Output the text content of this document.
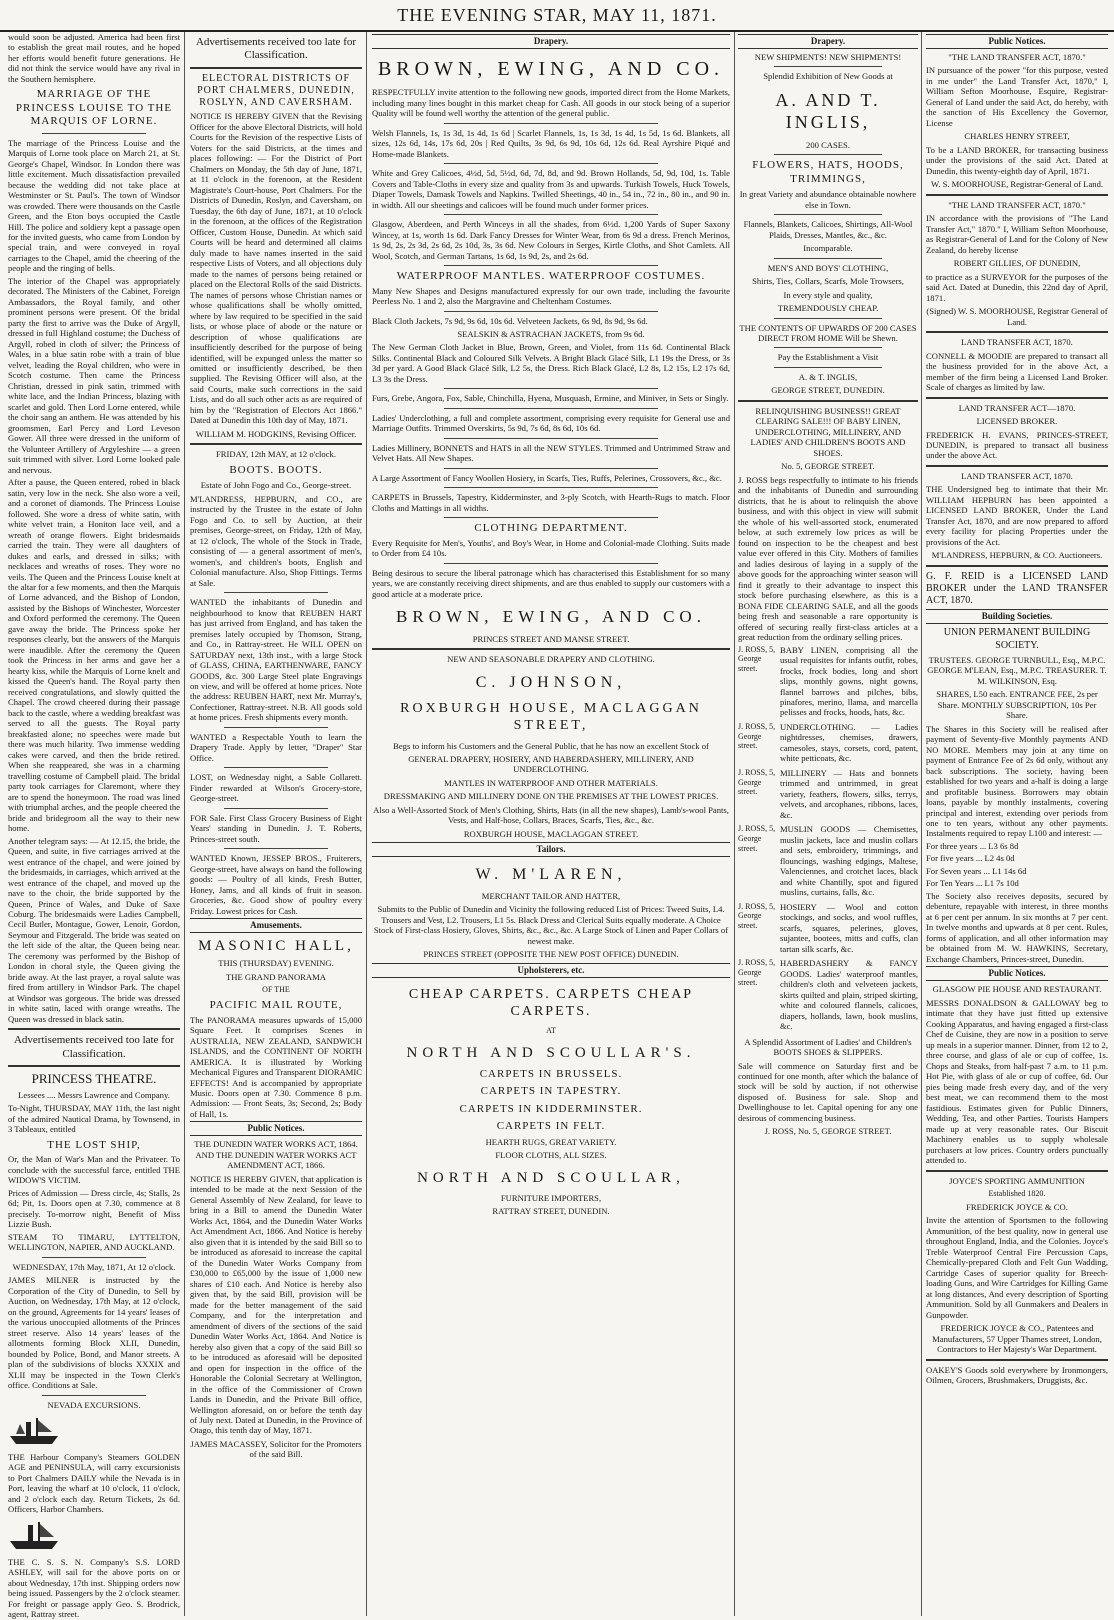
THE EVENING STAR, MAY 11, 1871.
would soon be adjusted. America had been first to establish the great mail routes, and he hoped her efforts would benefit future generations. He did not think the service would have any rival in the Southern hemisphere.
MARRIAGE OF THE PRINCESS LOUISE TO THE MARQUIS OF LORNE.
The marriage of the Princess Louise and the Marquis of Lorne took place on March 21, at St. George's Chapel, Windsor. In London there was little excitement. Much dissatisfaction prevailed because the wedding did not take place at Westminster or St. Paul's. The town of Windsor was crowded. There were thousands on the Castle Green, and the Eton boys occupied the Castle Hill. The police and soldiery kept a passage open for the invited guests, who came from London by special train, and were conveyed in royal carriages to the Chapel, amid the cheering of the people and the ringing of bells.
The interior of the Chapel was appropriately decorated. The Ministers of the Cabinet, Foreign Ambassadors, the Royal family, and other prominent persons were present. Of the bridal party the first to arrive was the Duke of Argyll, dressed in full Highland costume; the Duchess of Argyll, robed in cloth of silver; the Princess of Wales, in a blue satin robe with a train of blue velvet, leading the Royal children, who were in Scotch costume. Then came the Princess Christian, dressed in pink satin, trimmed with white lace, and the Indian Princess, blazing with scarlet and gold. Then Lord Lorne entered, while the choir sang an anthem. He was attended by his groomsmen, Earl Percy and Lord Leveson Gower. All three were dressed in the uniform of the Volunteer Artillery of Argyleshire — a green suit trimmed with silver. Lord Lorne looked pale and nervous.
After a pause, the Queen entered, robed in black satin, very low in the neck. She also wore a veil, and a coronet of diamonds. The Princess Louise followed. She wore a dress of white satin, with white velvet train, a Honiton lace veil, and a wreath of orange flowers. Eight bridesmaids carried the train. They were all daughters of dukes and earls, and dressed in silks; with necklaces and wreaths of roses. They wore no veils. The Queen and the Princess Louise knelt at the altar for a few moments, and then the Marquis of Lorne advanced, and the Bishop of London, assisted by the Bishops of Winchester, Worcester and Oxford performed the ceremony. The Queen gave away the bride. The Princess spoke her responses clearly, but the answers of the Marquis were inaudible. After the ceremony the Queen took the Princess in her arms and gave her a hearty kiss, while the Marquis of Lorne knelt and kissed the Queen's hand. The Royal party then received congratulations, and slowly quitted the Chapel. The crowd cheered during their passage back to the castle, where a wedding breakfast was served to all the guests. The Royal party breakfasted alone; no speeches were made but there was much hilarity. Two immense wedding cakes were carved, and then the bride retired. When she reappeared, she was in a charming travelling costume of Campbell plaid. The bridal party took carriages for Claremont, where they are to spend the honeymoon. The road was lined with triumphal arches, and the people cheered the bride and bridegroom all the way to their new home.
Another telegram says: — At 12.15, the bride, the Queen, and suite, in five carriages arrived at the west entrance of the chapel, and were joined by the bridesmaids, in carriages, which arrived at the west entrance of the chapel, and moved up the nave to the choir, the bride supported by the Queen, Prince of Wales, and Duke of Saxe Coburg. The bridesmaids were Ladies Campbell, Cecil Butler, Montague, Gower, Lenoir, Gordon, Seymour and Fitzgerald. The bride was seated on the left side of the altar, the Queen being near. The ceremony was performed by the Bishop of London in choral style, the Queen giving the bride away. At the last prayer, a royal salute was fired from artillery in Windsor Park. The chapel at Windsor was gorgeous. The bride was dressed in white satin, laced with orange wreaths. The Queen was dressed in black satin.
Advertisements received too late for Classification.
PRINCESS THEATRE.
Lessees .... Messrs Lawrence and Company.
To-Night, THURSDAY, MAY 11th, the last night of the admired Nautical Drama, by Townsend, in 3 Tableaux, entitled
THE LOST SHIP,
Or, the Man of War's Man and the Privateer. To conclude with the successful farce, entitled THE WIDOW'S VICTIM.
Prices of Admission — Dress circle, 4s; Stalls, 2s 6d; Pit, 1s. Doors open at 7.30, commence at 8 precisely. To-morrow night, Benefit of Miss Lizzie Bush.
STEAM TO TIMARU, LYTTELTON, WELLINGTON, NAPIER, AND AUCKLAND.
WEDNESDAY, 17th May, 1871, At 12 o'clock.
JAMES MILNER is instructed by the Corporation of the City of Dunedin, to Sell by Auction, on Wednesday, 17th May, at 12 o'clock, on the ground, Agreements for 14 years' leases of the various unoccupied allotments of the Princes street reserve. Also 14 years' leases of the allotments forming Block XLII, Dunedin, bounded by Police, Bond, and Manor streets. A plan of the subdivisions of blocks XXXIX and XLII may be inspected in the Town Clerk's office. Conditions at Sale.
NEVADA EXCURSIONS.
THE Harbour Company's Steamers GOLDEN AGE and PENINSULA, will carry excursionists to Port Chalmers DAILY while the Nevada is in Port, leaving the wharf at 10 o'clock, 11 o'clock, and 2 o'clock each day. Return Tickets, 2s 6d. Officers, Harbor Chambers.
THE C. S. S. N. Company's S.S. LORD ASHLEY, will sail for the above ports on or about Wednesday, 17th inst. Shipping orders now being issued. Passengers by the 2 o'clock steamer. For freight or passage apply Geo. S. Brodrick, agent, Rattray street.
Advertisements received too late for Classification.
ELECTORAL DISTRICTS OF PORT CHALMERS, DUNEDIN, ROSLYN, AND CAVERSHAM.
NOTICE IS HEREBY GIVEN that the Revising Officer for the above Electoral Districts, will hold Courts for the Revision of the respective Lists of Voters for the said Districts, at the times and places following: — For the District of Port Chalmers on Monday, the 5th day of June, 1871, at 11 o'clock in the forenoon, at the Resident Magistrate's Court-house, Port Chalmers. For the Districts of Dunedin, Roslyn, and Caversham, on Tuesday, the 6th day of June, 1871, at 10 o'clock in the forenoon, at the offices of the Registration Officer, Custom House, Dunedin. At which said Courts will be heard and determined all claims duly made to have names inserted in the said respective Lists of Voters, and all objections duly made to the names of persons being retained or placed on the Electoral Rolls of the said Districts. The names of persons whose Christian names or whose qualifications shall be wholly omitted, where by law required to be specified in the said lists, or whose place of abode or the nature or description of whose qualifications are insufficiently described for the purpose of being identified, will be expunged unless the matter so omitted or insufficiently described, be then supplied. The Revising Officer will also, at the said Courts, make such corrections in the said Lists, and do all such other acts as are required of him by the "Registration of Electors Act 1866." Dated at Dunedin this 10th day of May, 1871.
WILLIAM M. HODGKINS, Revising Officer.
FRIDAY, 12th MAY, at 12 o'clock.
BOOTS. BOOTS.
Estate of John Fogo and Co., George-street.
M'LANDRESS, HEPBURN, and CO., are instructed by the Trustee in the estate of John Fogo and Co. to sell by Auction, at their premises, George-street, on Friday, 12th of May, at 12 o'clock, The whole of the Stock in Trade, consisting of — a general assortment of men's, women's, and children's boots, English and Colonial manufacture. Also, Shop Fittings. Terms at Sale.
WANTED the inhabitants of Dunedin and neighbourhood to know that REUBEN HART has just arrived from England, and has taken the premises lately occupied by Thomson, Strang, and Co., in Rattray-street. He WILL OPEN on SATURDAY next, 13th inst., with a large Stock of GLASS, CHINA, EARTHENWARE, FANCY GOODS, &c. 300 Large Steel plate Engravings on view, and will be offered at home prices. Note the address: REUBEN HART, next Mr. Murray's, Confectioner, Rattray-street. N.B. All goods sold at home prices. Fresh shipments every month.
WANTED a Respectable Youth to learn the Drapery Trade. Apply by letter, "Draper" Star Office.
LOST, on Wednesday night, a Sable Collarett. Finder rewarded at Wilson's Grocery-store, George-street.
FOR Sale. First Class Grocery Business of Eight Years' standing in Dunedin. J. T. Roberts, Princes-street south.
WANTED Known, JESSEP BROS., Fruiterers, George-street, have always on hand the following goods: — Poultry of all kinds, Fresh Butter, Honey, Jams, and all kinds of fruit in season. Groceries, &c. Good show of poultry every Friday. Lowest prices for Cash.
Amusements.
MASONIC HALL,
THIS (THURSDAY) EVENING.
THE GRAND PANORAMA
OF THE
PACIFIC MAIL ROUTE,
The PANORAMA measures upwards of 15,000 Square Feet. It comprises Scenes in AUSTRALIA, NEW ZEALAND, SANDWICH ISLANDS, and the CONTINENT OF NORTH AMERICA. It is illustrated by Working Mechanical Figures and Transparent DIORAMIC EFFECTS! And is accompanied by appropriate Music. Doors open at 7.30. Commence 8 p.m. Admission: — Front Seats, 3s; Second, 2s; Body of Hall, 1s.
Public Notices.
THE DUNEDIN WATER WORKS ACT, 1864. AND THE DUNEDIN WATER WORKS ACT AMENDMENT ACT, 1866.
NOTICE IS HEREBY GIVEN, that application is intended to be made at the next Session of the General Assembly of New Zealand, for leave to bring in a Bill to amend the Dunedin Water Works Act, 1864, and the Dunedin Water Works Act Amendment Act, 1866. And Notice is hereby also given that it is intended by the said Bill so to be introduced as aforesaid to increase the capital of the Dunedin Water Works Company from £30,000 to £65,000 by the issue of 1,000 new shares of £10 each. And Notice is hereby also given that, by the said Bill, provision will be made for the better management of the said Company, and for the interpretation and amendment of divers of the sections of the said Dunedin Water Works Act, 1864. And Notice is hereby also given that a copy of the said Bill so to be introduced as aforesaid will be deposited and open for inspection in the office of the Honorable the Colonial Secretary at Wellington, in the office of the Commissioner of Crown Lands in Dunedin, and the Private Bill office, Wellington aforesaid, on or before the tenth day of July next. Dated at Dunedin, in the Province of Otago, this tenth day of May, 1871.
JAMES MACASSEY, Solicitor for the Promoters of the said Bill.
Drapery.
BROWN, EWING, AND CO.
RESPECTFULLY invite attention to the following new goods, imported direct from the Home Markets, including many lines bought in this market cheap for Cash. All goods in our stock being of a superior Quality will be found well worthy the attention of the general public.
Welsh Flannels, 1s, 1s 3d, 1s 4d, 1s 6d | Scarlet Flannels, 1s, 1s 3d, 1s 4d, 1s 5d, 1s 6d. Blankets, all sizes, 12s 6d, 14s, 17s 6d, 20s | Red Quilts, 3s 9d, 6s 9d, 10s 6d, 12s 6d. Real Ayrshire Piqué and Home-made Blankets.
White and Grey Calicoes, 4½d, 5d, 5½d, 6d, 7d, 8d, and 9d. Brown Hollands, 5d, 9d, 10d, 1s. Table Covers and Table-Cloths in every size and quality from 3s and upwards. Turkish Towels, Huck Towels, Diaper Towels, Damask Towels and Napkins. Twilled Sheetings, 40 in., 54 in., 72 in., 80 in., and 90 in. in width. All our sheetings and calicoes will be found much under former prices.
Glasgow, Aberdeen, and Perth Winceys in all the shades, from 6½d. 1,200 Yards of Super Saxony Wincey, at 1s, worth 1s 6d. Dark Fancy Dresses for Winter Wear, from 6s 9d a dress. French Merinos, 1s 9d, 2s, 2s 3d, 2s 6d, 2s 10d, 3s, 3s 6d. New Colours in Serges, Kirtle Cloths, and Shot Camlets. All Wool, Scotch, and German Tartans, 1s 6d, 1s 9d, 2s, and 2s 6d.
WATERPROOF MANTLES. WATERPROOF COSTUMES.
Many New Shapes and Designs manufactured expressly for our own trade, including the favourite Peerless No. 1 and 2, also the Margravine and Cheltenham Costumes.
Black Cloth Jackets, 7s 9d, 9s 6d, 10s 6d. Velveteen Jackets, 6s 9d, 8s 9d, 9s 6d.
SEALSKIN & ASTRACHAN JACKETS, from 9s 6d.
The New German Cloth Jacket in Blue, Brown, Green, and Violet, from 11s 6d. Continental Black Silks. Continental Black and Coloured Silk Velvets. A Bright Black Glacé Silk, L1 19s the Dress, or 3s 3d per yard. A Good Black Glacé Silk, L2 5s, the Dress. Rich Black Glacé, L2 8s, L2 15s, L2 17s 6d, L3 3s the Dress.
Furs, Grebe, Angora, Fox, Sable, Chinchilla, Hyena, Musquash, Ermine, and Miniver, in Sets or Singly.
Ladies' Underclothing, a full and complete assortment, comprising every requisite for General use and Marriage Outfits. Trimmed Overskirts, 5s 9d, 7s 6d, 8s 6d, 10s 6d.
Ladies Millinery, BONNETS and HATS in all the NEW STYLES. Trimmed and Untrimmed Straw and Velvet Hats. All New Shapes.
A Large Assortment of Fancy Woollen Hosiery, in Scarfs, Ties, Ruffs, Pelerines, Crossovers, &c., &c.
CARPETS in Brussels, Tapestry, Kidderminster, and 3-ply Scotch, with Hearth-Rugs to match. Floor Cloths and Mattings in all widths.
CLOTHING DEPARTMENT.
Every Requisite for Men's, Youths', and Boy's Wear, in Home and Colonial-made Clothing. Suits made to Order from £4 10s.
Being desirous to secure the liberal patronage which has characterised this Establishment for so many years, we are constantly receiving direct shipments, and are thus enabled to supply our customers with a good article at a moderate price.
BROWN, EWING, AND CO.
PRINCES STREET AND MANSE STREET.
NEW AND SEASONABLE DRAPERY AND CLOTHING.
C. JOHNSON,
ROXBURGH HOUSE, MACLAGGAN STREET,
Begs to inform his Customers and the General Public, that he has now an excellent Stock of
GENERAL DRAPERY, HOSIERY, AND HABERDASHERY, MILLINERY, AND UNDERCLOTHING.
MANTLES IN WATERPROOF AND OTHER MATERIALS.
DRESSMAKING AND MILLINERY DONE ON THE PREMISES AT THE LOWEST PRICES.
Also a Well-Assorted Stock of Men's Clothing, Shirts, Hats (in all the new shapes), Lamb's-wool Pants, Vests, and Half-hose, Collars, Braces, Scarfs, Ties, &c., &c.
ROXBURGH HOUSE, MACLAGGAN STREET.
Tailors.
W. M'LAREN,
MERCHANT TAILOR AND HATTER,
Submits to the Public of Dunedin and Vicinity the following reduced List of Prices: Tweed Suits, L4. Trousers and Vest, L2. Trousers, L1 5s. Black Dress and Clerical Suits equally moderate. A Choice Stock of First-class Hosiery, Gloves, Shirts, &c., &c., &c. A Large Stock of Linen and Paper Collars of newest make.
PRINCES STREET (OPPOSITE THE NEW POST OFFICE) DUNEDIN.
Upholsterers, etc.
CHEAP CARPETS. CARPETS CHEAP CARPETS.
AT
NORTH AND SCOULLAR'S.
CARPETS IN BRUSSELS.
CARPETS IN TAPESTRY.
CARPETS IN KIDDERMINSTER.
CARPETS IN FELT.
HEARTH RUGS, GREAT VARIETY.
FLOOR CLOTHS, ALL SIZES.
NORTH AND SCOULLAR,
FURNITURE IMPORTERS,
RATTRAY STREET, DUNEDIN.
Drapery.
NEW SHIPMENTS! NEW SHIPMENTS!
Splendid Exhibition of New Goods at
A. AND T. INGLIS,
200 CASES.
FLOWERS, HATS, HOODS, TRIMMINGS,
In great Variety and abundance obtainable nowhere else in Town.
Flannels, Blankets, Calicoes, Shirtings, All-Wool Plaids, Dresses, Mantles, &c., &c.
Incomparable.
MEN'S AND BOYS' CLOTHING,
Shirts, Ties, Collars, Scarfs, Mole Trowsers,
In every style and quality,
TREMENDOUSLY CHEAP.
THE CONTENTS OF UPWARDS OF 200 CASES DIRECT FROM HOME Will be Shewn.
Pay the Establishment a Visit
A. & T. INGLIS,
GEORGE STREET, DUNEDIN.
RELINQUISHING BUSINESS!! GREAT CLEARING SALE!!! OF BABY LINEN, UNDERCLOTHING, MILLINERY, AND LADIES' AND CHILDREN'S BOOTS AND SHOES.
No. 5, GEORGE STREET.
J. ROSS begs respectfully to intimate to his friends and the inhabitants of Dunedin and surrounding districts, that he is about to relinquish the above business, and with this object in view will submit the whole of his well-assorted stock, enumerated below, at such extremely low prices as will be found on inspection to be the cheapest and best value ever offered in this City. Mothers of families and ladies desirous of laying in a supply of the above goods for the approaching winter season will find it greatly to their advantage to inspect this stock before purchasing elsewhere, as this is a BONA FIDE CLEARING SALE, and all the goods being fresh and seasonable a rare opportunity is offered of securing really first-class articles at a great reduction from the ordinary selling prices.
J. ROSS, 5, George street.
BABY LINEN, comprising all the usual requisites for infants outfit, robes, frocks, frock bodies, long and short slips, monthly gowns, night gowns, flannel barrows and pilches, bibs, pinafores, merino, llama, and marcella pelisses and frocks, hoods, hats, &c.
J. ROSS, 5, George street.
UNDERCLOTHING. — Ladies nightdresses, chemises, drawers, camesoles, stays, corsets, cord, patent, white petticoats, &c.
J. ROSS, 5, George street.
MILLINERY — Hats and bonnets trimmed and untrimmed, in great variety, feathers, flowers, silks, terrys, velvets, and arcophanes, ribbons, laces, &c.
J. ROSS, 5, George street.
MUSLIN GOODS — Chemisettes, muslin jackets, lace and muslin collars and sets, embroidery, trimmings, and flouncings, washing edgings, Maltese, Valenciennes, and crotchet laces, black and white Chantilly, spot and figured muslins, curtains, falls, &c.
J. ROSS, 5, George street.
HOSIERY — Wool and cotton stockings, and socks, and wool ruffles, scarfs, squares, pelerines, gloves, sujantee, bootees, mitts and cuffs, clan tartan silk scarfs, &c.
J. ROSS, 5, George street.
HABERDASHERY & FANCY GOODS. Ladies' waterproof mantles, children's cloth and velveteen jackets, skirts quilted and plain, striped skirting, white and coloured flannels, calicoes, diapers, hollands, lawn, book muslins, &c.
A Splendid Assortment of Ladies' and Children's BOOTS SHOES & SLIPPERS.
Sale will commence on Saturday first and be continued for one month, after which the balance of stock will be sold by auction, if not otherwise disposed of. Business for sale. Shop and Dwellinghouse to let. Capital opening for any one desirous of commencing business.
J. ROSS, No. 5, GEORGE STREET.
Public Notices.
"THE LAND TRANSFER ACT, 1870."
IN pursuance of the power "for this purpose, vested in me under" the Land Transfer Act, 1870," I, William Sefton Moorhouse, Esquire, Registrar-General of Land under the said Act, do hereby, with the sanction of His Excellency the Governor, License
CHARLES HENRY STREET,
To be a LAND BROKER, for transacting business under the provisions of the said Act. Dated at Dunedin, this twenty-eighth day of April, 1871.
W. S. MOORHOUSE, Registrar-General of Land.
"THE LAND TRANSFER ACT, 1870."
IN accordance with the provisions of "The Land Transfer Act," 1870." I, William Sefton Moorhouse, as Registrar-General of Land for the Colony of New Zealand, do hereby license
ROBERT GILLIES, OF DUNEDIN,
to practice as a SURVEYOR for the purposes of the said Act. Dated at Dunedin, this 22nd day of April, 1871.
(Signed) W. S. MOORHOUSE, Registrar General of Land.
LAND TRANSFER ACT, 1870.
CONNELL & MOODIE are prepared to transact all the business provided for in the above Act, a member of the firm being a Licensed Land Broker. Scale of charges as limited by law.
LAND TRANSFER ACT—1870.
LICENSED BROKER.
FREDERICK H. EVANS, PRINCES-STREET, DUNEDIN, is prepared to transact all business under the above Act.
LAND TRANSFER ACT, 1870.
THE Undersigned beg to intimate that their Mr. WILLIAM HEPBURN has been appointed a LICENSED LAND BROKER, Under the Land Transfer Act, 1870, and are now prepared to afford every facility for placing Properties under the provisions of the Act.
M'LANDRESS, HEPBURN, & CO. Auctioneers.
G. F. REID is a LICENSED LAND BROKER under the LAND TRANSFER ACT, 1870.
Building Societies.
UNION PERMANENT BUILDING SOCIETY.
TRUSTEES. GEORGE TURNBULL, Esq., M.P.C. GEORGE M'LEAN, Esq., M.P.C. TREASURER. T. M. WILKINSON, Esq.
SHARES, L50 each. ENTRANCE FEE, 2s per Share. MONTHLY SUBSCRIPTION, 10s Per Share.
The Shares in this Society will be realised after payment of Seventy-five Monthly payments AND NO MORE. Members may join at any time on payment of Entrance Fee of 2s 6d only, without any back subscriptions. The society, having been established for two years and a-half is doing a large and profitable business. Borrowers may obtain loans, payable by monthly instalments, covering principal and interest, extending over periods from one to ten years, without any other payments. Instalments required to repay L100 and interest: —
For three years ... L3 6s 8d
For five years ... L2 4s 0d
For Seven years ... L1 14s 6d
For Ten Years ... L1 7s 10d
The Society also receives deposits, secured by debenture, repayable with interest, in three months at 6 per cent per annum. In six months at 7 per cent. In twelve months and upwards at 8 per cent. Rules, forms of application, and all other information may be obtained from M. W. HAWKINS, Secretary, Exchange Chambers, Princes-street, Dunedin.
Public Notices.
GLASGOW PIE HOUSE AND RESTAURANT.
MESSRS DONALDSON & GALLOWAY beg to intimate that they have just fitted up extensive Cooking Apparatus, and having engaged a first-class Chef de Cuisine, they are now in a position to serve up meals in a superior manner. Dinner, from 12 to 2, three course, and glass of ale or cup of coffee, 1s. Chops and Steaks, from half-past 7 a.m. to 11 p.m. Hot Pie, with glass of ale or cup of coffee, 6d. Our pies being made fresh every day, and of the very best meat, we can recommend them to the most fastidious. Estimates given for Public Dinners, Wedding, Tea, and other Parties. Tourists Hampers made up at very reasonable rates. Our Biscuit Machinery enables us to supply wholesale purchasers at low prices. Country orders punctually attended to.
JOYCE'S SPORTING AMMUNITION
Established 1820.
FREDERICK JOYCE & CO.
Invite the attention of Sportsmen to the following Ammunition, of the best quality, now in general use throughout England, India, and the Colonies. Joyce's Treble Waterproof Central Fire Percussion Caps, Chemically-prepared Cloth and Felt Gun Wadding, Cartridge Cases of superior quality for Breech-loading Guns, and Wire Cartridges for Killing Game at long distances, And every description of Sporting Ammunition. Sold by all Gunmakers and Dealers in Gunpowder.
FREDERICK JOYCE & CO., Patentees and Manufacturers, 57 Upper Thames street, London, Contractors to Her Majesty's War Department.
OAKEY'S Goods sold everywhere by Ironmongers, Oilmen, Grocers, Brushmakers, Druggists, &c.
